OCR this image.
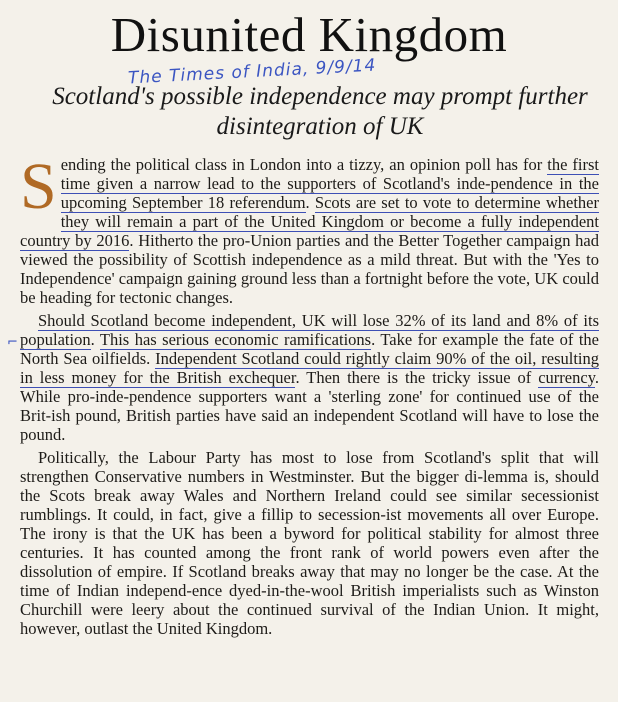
Disunited Kingdom
The Times of India, 9/9/14
Scotland's possible independence may prompt further disintegration of UK

Sending the political class in London into a tizzy, an opinion poll has for the first time given a narrow lead to the supporters of Scotland's inde-pendence in the upcoming September 18 referendum. Scots are set to vote to determine whether they will remain a part of the United Kingdom or become a fully independent country by 2016. Hitherto the pro-Union parties and the Better Together campaign had viewed the possibility of Scottish independence as a mild threat. But with the 'Yes to Independence' campaign gaining ground less than a fortnight before the vote, UK could be heading for tectonic changes.

Should Scotland become independent, UK will lose 32% of its land and 8% of its population. This has serious economic ramifications. Take for example the fate of the North Sea oilfields. Independent Scotland could rightly claim 90% of the oil, resulting in less money for the British exchequer. Then there is the tricky issue of currency. While pro-inde-pendence supporters want a 'sterling zone' for continued use of the Brit-ish pound, British parties have said an independent Scotland will have to lose the pound.

Politically, the Labour Party has most to lose from Scotland's split that will strengthen Conservative numbers in Westminster. But the bigger di-lemma is, should the Scots break away Wales and Northern Ireland could see similar secessionist rumblings. It could, in fact, give a fillip to secession-ist movements all over Europe. The irony is that the UK has been a byword for political stability for almost three centuries. It has counted among the front rank of world powers even after the dissolution of empire. If Scotland breaks away that may no longer be the case. At the time of Indian independ-ence dyed-in-the-wool British imperialists such as Winston Churchill were leery about the continued survival of the Indian Union. It might, however, outlast the United Kingdom.

⌐
